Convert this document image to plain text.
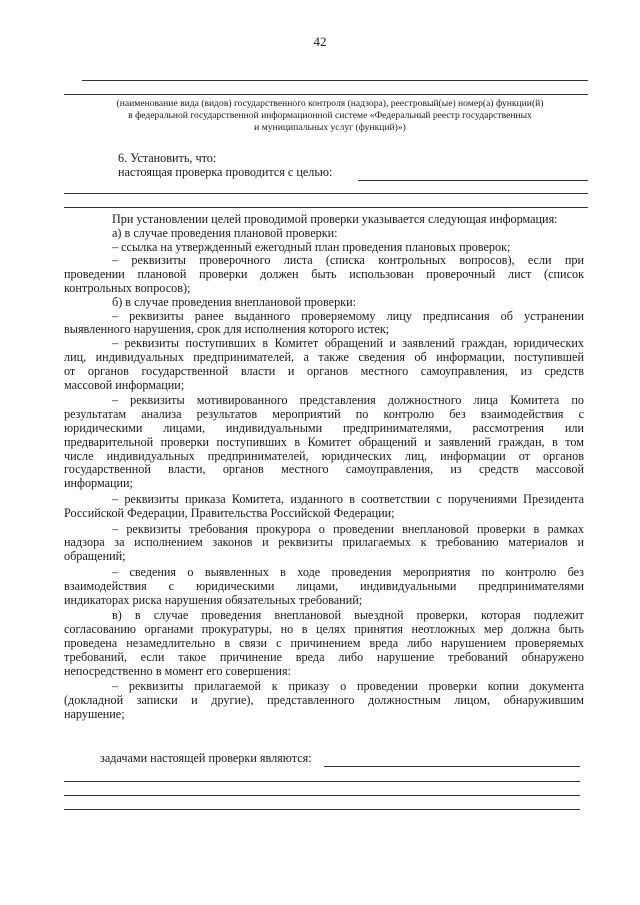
42
(наименование вида (видов) государственного контроля (надзора), реестровый(ые) номер(а) функции(й)
в федеральной государственной информационной системе «Федеральный реестр государственных
и муниципальных услуг (функций)»)
6. Установить, что:
настоящая проверка проводится с целью:
При установлении целей проводимой проверки указывается следующая информация:
а) в случае проведения плановой проверки:
– ссылка на утвержденный ежегодный план проведения плановых проверок;
– реквизиты проверочного листа (списка контрольных вопросов), если при
проведении плановой проверки должен быть использован проверочный лист (список
контрольных вопросов);
б) в случае проведения внеплановой проверки:
– реквизиты ранее выданного проверяемому лицу предписания об устранении
выявленного нарушения, срок для исполнения которого истек;
– реквизиты поступивших в Комитет обращений и заявлений граждан, юридических
лиц, индивидуальных предпринимателей, а также сведения об информации, поступившей
от органов государственной власти и органов местного самоуправления, из средств
массовой информации;
– реквизиты мотивированного представления должностного лица Комитета по
результатам анализа результатов мероприятий по контролю без взаимодействия с
юридическими лицами, индивидуальными предпринимателями, рассмотрения или
предварительной проверки поступивших в Комитет обращений и заявлений граждан, в том
числе индивидуальных предпринимателей, юридических лиц, информации от органов
государственной власти, органов местного самоуправления, из средств массовой
информации;
– реквизиты приказа Комитета, изданного в соответствии с поручениями Президента
Российской Федерации, Правительства Российской Федерации;
– реквизиты требования прокурора о проведении внеплановой проверки в рамках
надзора за исполнением законов и реквизиты прилагаемых к требованию материалов и
обращений;
– сведения о выявленных в ходе проведения мероприятия по контролю без
взаимодействия с юридическими лицами, индивидуальными предпринимателями
индикаторах риска нарушения обязательных требований;
в) в случае проведения внеплановой выездной проверки, которая подлежит
согласованию органами прокуратуры, но в целях принятия неотложных мер должна быть
проведена незамедлительно в связи с причинением вреда либо нарушением проверяемых
требований, если такое причинение вреда либо нарушение требований обнаружено
непосредственно в момент его совершения:
– реквизиты прилагаемой к приказу о проведении проверки копии документа
(докладной записки и другие), представленного должностным лицом, обнаружившим
нарушение;
задачами настоящей проверки являются:
